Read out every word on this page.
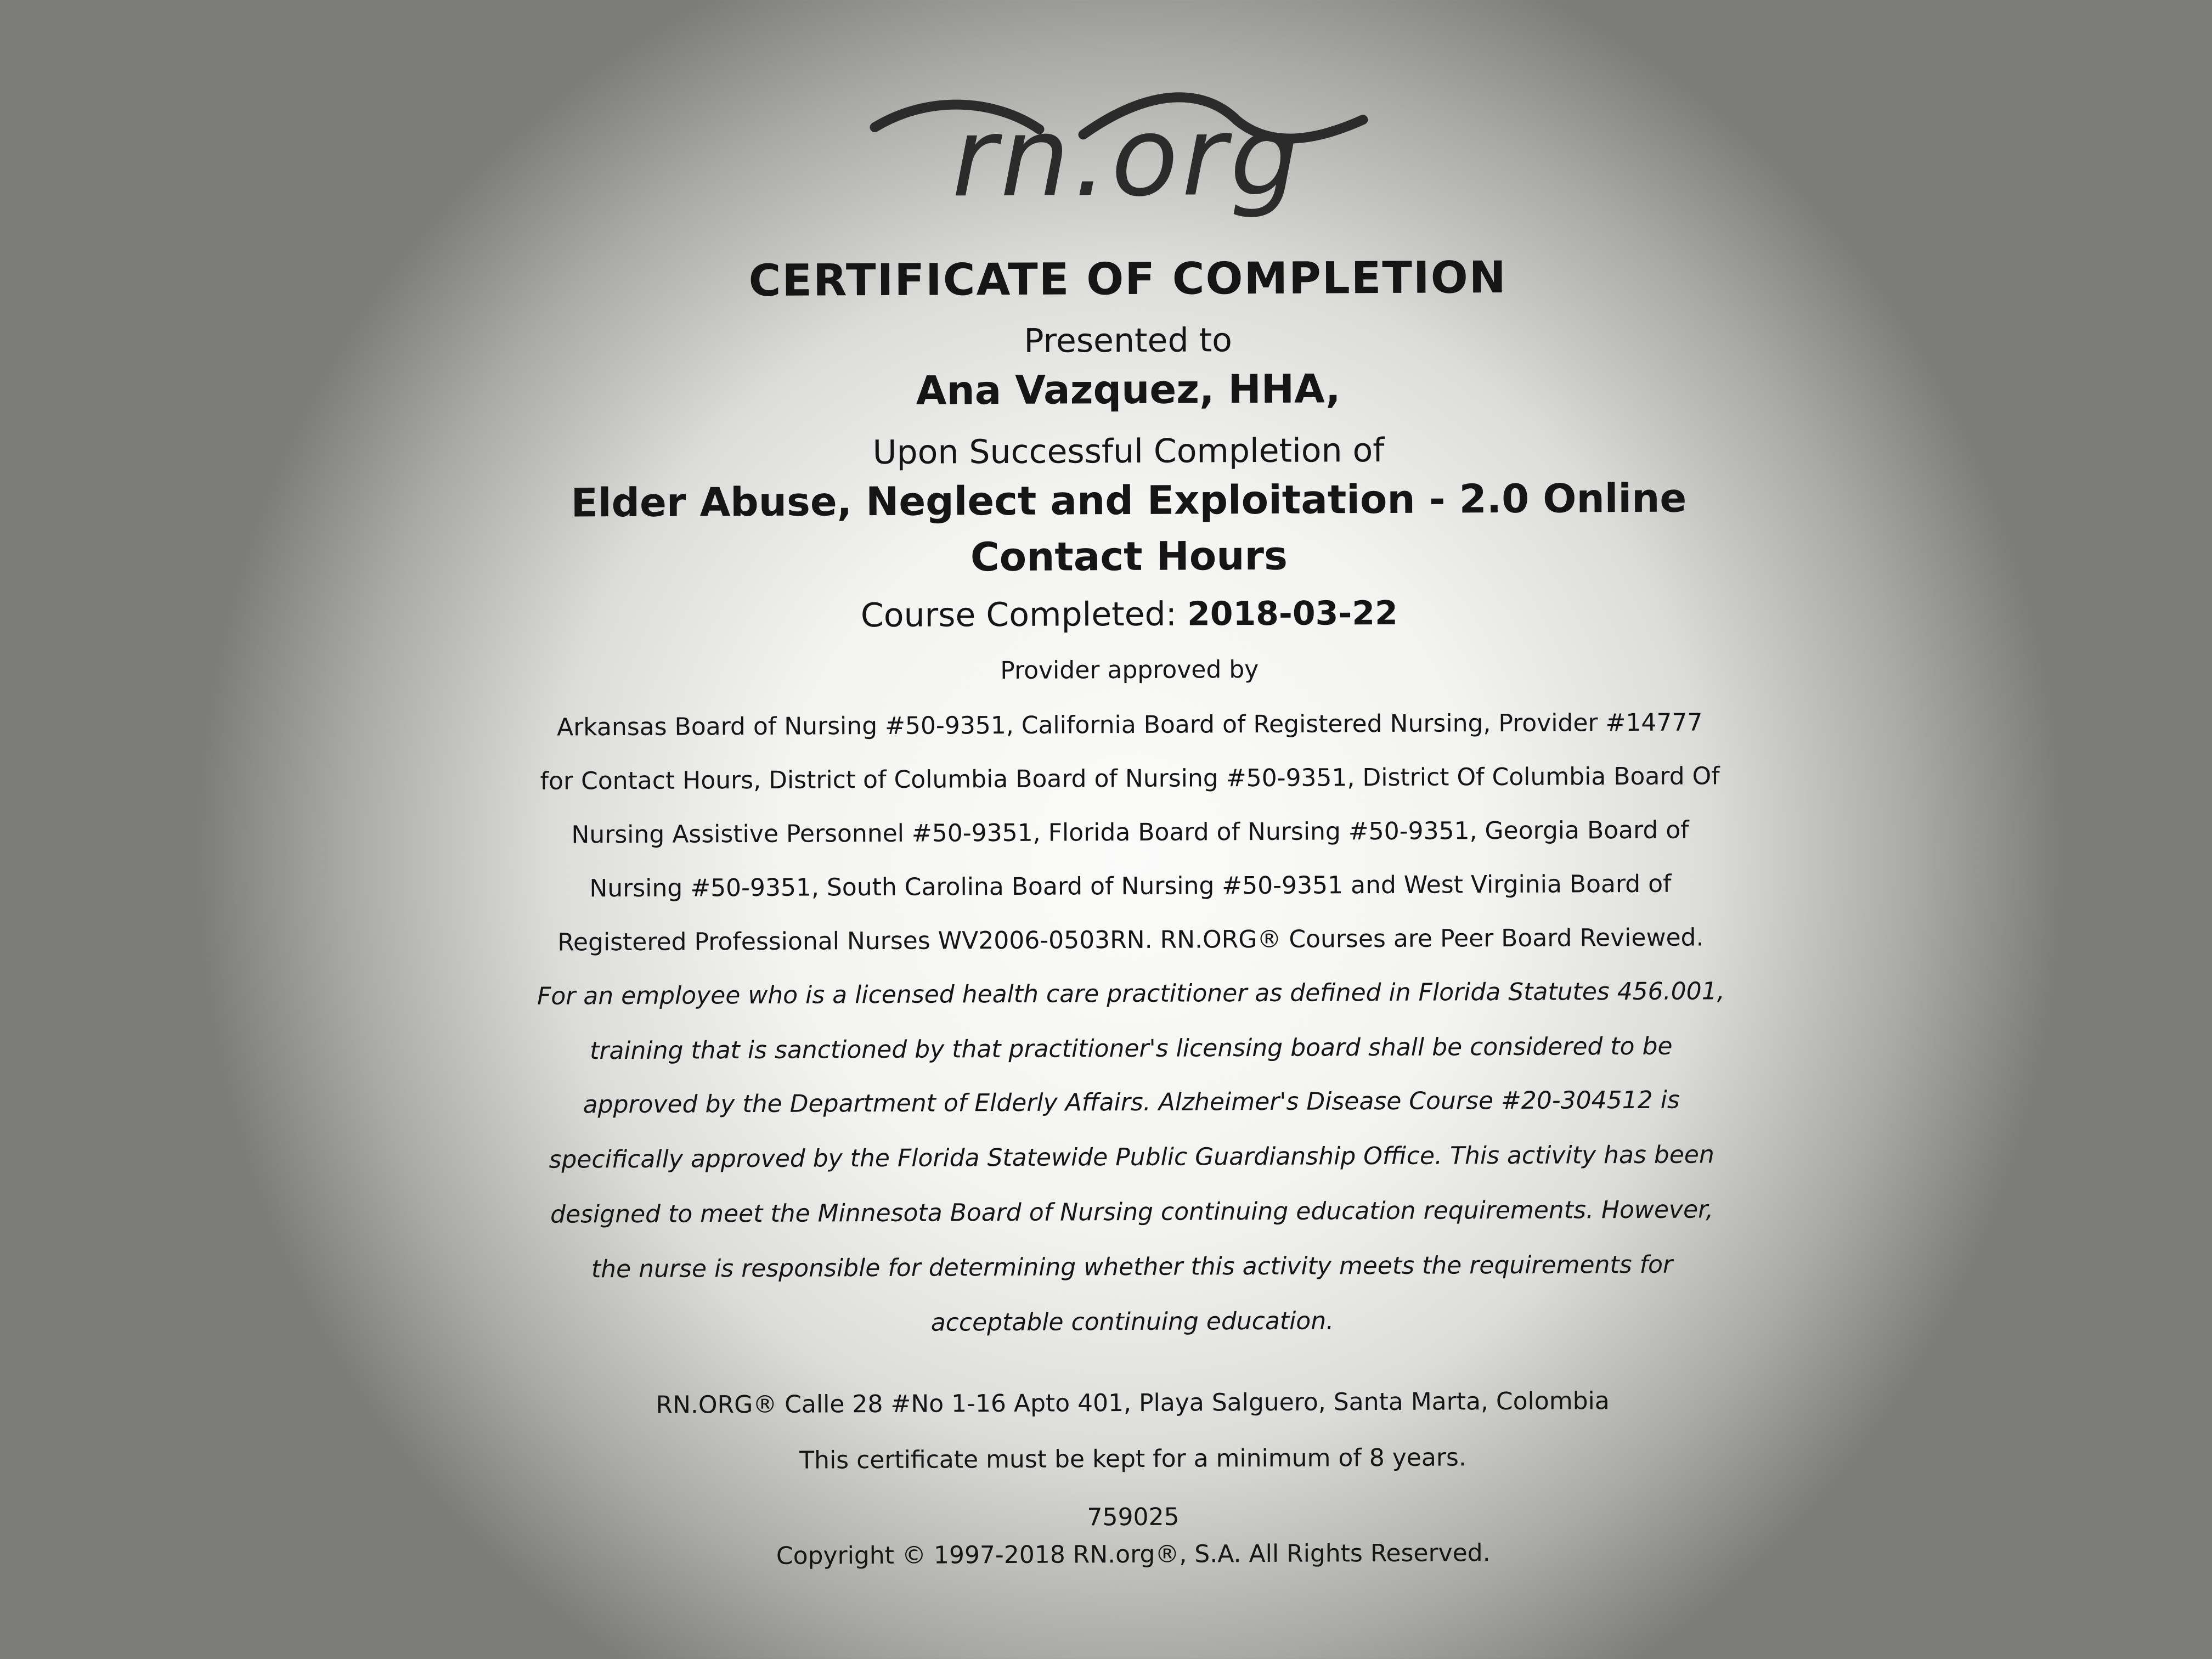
rn.org
CERTIFICATE OF COMPLETION
Presented to
Ana Vazquez, HHA,
Upon Successful Completion of
Elder Abuse, Neglect and Exploitation - 2.0 Online
Contact Hours
Course Completed: 2018-03-22
Provider approved by
Arkansas Board of Nursing #50-9351, California Board of Registered Nursing, Provider #14777
for Contact Hours, District of Columbia Board of Nursing #50-9351, District Of Columbia Board Of
Nursing Assistive Personnel #50-9351, Florida Board of Nursing #50-9351, Georgia Board of
Nursing #50-9351, South Carolina Board of Nursing #50-9351 and West Virginia Board of
Registered Professional Nurses WV2006-0503RN. RN.ORG® Courses are Peer Board Reviewed.
For an employee who is a licensed health care practitioner as defined in Florida Statutes 456.001,
training that is sanctioned by that practitioner's licensing board shall be considered to be
approved by the Department of Elderly Affairs. Alzheimer's Disease Course #20-304512 is
specifically approved by the Florida Statewide Public Guardianship Office. This activity has been
designed to meet the Minnesota Board of Nursing continuing education requirements. However,
the nurse is responsible for determining whether this activity meets the requirements for
acceptable continuing education.
RN.ORG® Calle 28 #No 1-16 Apto 401, Playa Salguero, Santa Marta, Colombia
This certificate must be kept for a minimum of 8 years.
759025
Copyright © 1997-2018 RN.org®, S.A. All Rights Reserved.
